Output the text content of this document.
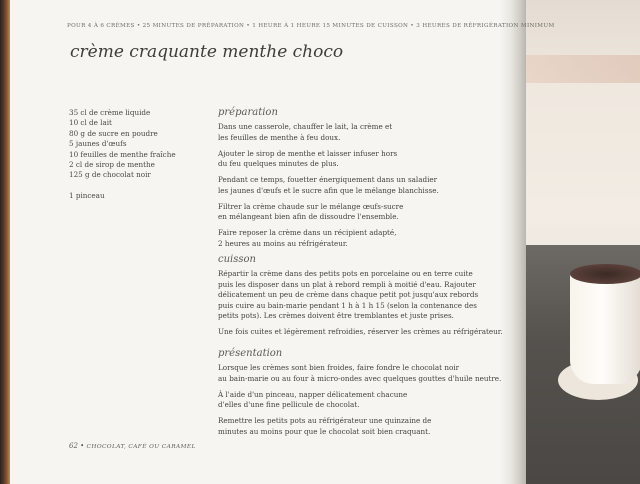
POUR 4 À 6 CRÈMES • 25 MINUTES DE PRÉPARATION • 1 HEURE À 1 HEURE 15 MINUTES DE CUISSON • 3 HEURES DE RÉFRIGÉRATION MINIMUM
crème craquante menthe choco
35 cl de crème liquide
10 cl de lait
80 g de sucre en poudre
5 jaunes d'œufs
10 feuilles de menthe fraîche
2 cl de sirop de menthe
125 g de chocolat noir
1 pinceau
préparation

Dans une casserole, chauffer le lait, la crème et
les feuilles de menthe à feu doux.

Ajouter le sirop de menthe et laisser infuser hors
du feu quelques minutes de plus.

Pendant ce temps, fouetter énergiquement dans un saladier
les jaunes d'œufs et le sucre afin que le mélange blanchisse.

Filtrer la crème chaude sur le mélange œufs-sucre
en mélangeant bien afin de dissoudre l'ensemble.

Faire reposer la crème dans un récipient adapté,
2 heures au moins au réfrigérateur.

cuisson

Répartir la crème dans des petits pots en porcelaine ou en terre cuite
puis les disposer dans un plat à rebord rempli à moitié d'eau. Rajouter
délicatement un peu de crème dans chaque petit pot jusqu'aux rebords
puis cuire au bain-marie pendant 1 h à 1 h 15 (selon la contenance des
petits pots). Les crèmes doivent être tremblantes et juste prises.

Une fois cuites et légèrement refroidies, réserver les crèmes au réfrigérateur.

présentation

Lorsque les crèmes sont bien froides, faire fondre le chocolat noir
au bain-marie ou au four à micro-ondes avec quelques gouttes d'huile neutre.

À l'aide d'un pinceau, napper délicatement chacune
d'elles d'une fine pellicule de chocolat.

Remettre les petits pots au réfrigérateur une quinzaine de
minutes au moins pour que le chocolat soit bien craquant.

62 • CHOCOLAT, CAFÉ OU CARAMEL
